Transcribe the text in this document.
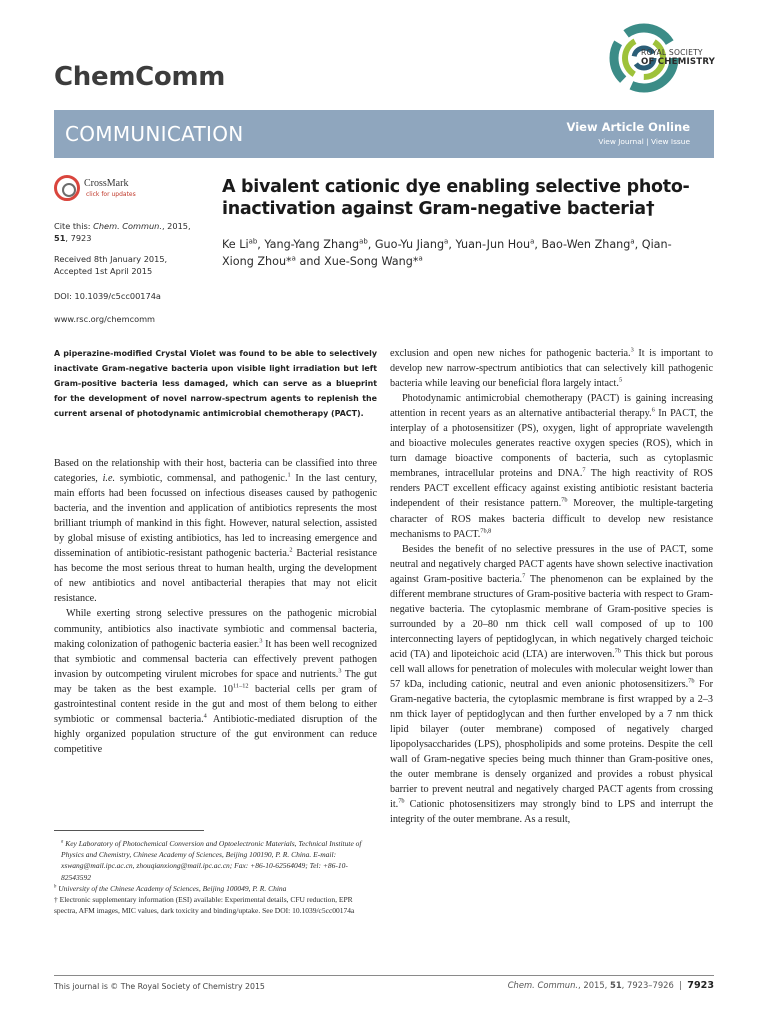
ChemComm
ROYAL SOCIETY
OF CHEMISTRY
COMMUNICATION	View Article Online
View Journal | View Issue
CrossMark
click for updates
Cite this: Chem. Commun., 2015,
51, 7923
Received 8th January 2015,
Accepted 1st April 2015
DOI: 10.1039/c5cc00174a
www.rsc.org/chemcomm
A bivalent cationic dye enabling selective photo-inactivation against Gram-negative bacteria†
Ke $Li^{ab}$, Yang-Yang Zhang$^{ab}$, Guo-Yu Jiang$^a$, Yuan-Jun Hou$^a$, Bao-Wen Zhang$^a$, Qian-Xiong Zhou*$^a$ and Xue-Song Wang*$^a$
A piperazine-modified Crystal Violet was found to be able to selectively inactivate Gram-negative bacteria upon visible light irradiation but left Gram-positive bacteria less damaged, which can serve as a blueprint for the development of novel narrow-spectrum agents to replenish the current arsenal of photodynamic antimicrobial chemotherapy (PACT).

Based on the relationship with their host, bacteria can be classified into three categories, i.e. symbiotic, commensal, and pathogenic.$^1$ In the last century, main efforts had been focussed on infectious diseases caused by pathogenic bacteria, and the invention and application of antibiotics represents the most brilliant triumph of mankind in this fight. However, natural selection, assisted by global misuse of existing antibiotics, has led to increasing emergence and dissemination of antibiotic-resistant pathogenic bacteria.$^2$ Bacterial resistance has become the most serious threat to human health, urging the development of new antibiotics and novel antibacterial therapies that may not elicit resistance.

While exerting strong selective pressures on the pathogenic microbial community, antibiotics also inactivate symbiotic and commensal bacteria, making colonization of pathogenic bacteria easier.$^3$ It has been well recognized that symbiotic and commensal bacteria can effectively prevent pathogen invasion by outcompeting virulent microbes for space and nutrients.$^3$ The gut may be taken as the best example. 10$^{11-12}$ bacterial cells per gram of gastrointestinal content reside in the gut and most of them belong to either symbiotic or commensal bacteria.$^4$ Antibiotic-mediated disruption of the highly organized population structure of the gut environment can reduce competitive

exclusion and open new niches for pathogenic bacteria.$^3$ It is important to develop new narrow-spectrum antibiotics that can selectively kill pathogenic bacteria while leaving our beneficial flora largely intact.$^5$

Photodynamic antimicrobial chemotherapy (PACT) is gaining increasing attention in recent years as an alternative antibacterial therapy.$^6$ In PACT, the interplay of a photosensitizer (PS), oxygen, light of appropriate wavelength and bioactive molecules generates reactive oxygen species (ROS), which in turn damage bioactive components of bacteria, such as cytoplasmic membranes, intracellular proteins and DNA.$^7$ The high reactivity of ROS renders PACT excellent efficacy against existing antibiotic resistant bacteria independent of their resistance pattern.$^{7b}$ Moreover, the multiple-targeting character of ROS makes bacteria difficult to develop new resistance mechanisms to PACT.$^{7b,8}$

Besides the benefit of no selective pressures in the use of PACT, some neutral and negatively charged PACT agents have shown selective inactivation against Gram-positive bacteria.$^7$ The phenomenon can be explained by the different membrane structures of Gram-positive bacteria with respect to Gram-negative bacteria. The cytoplasmic membrane of Gram-positive species is surrounded by a 20–80 nm thick cell wall composed of up to 100 interconnecting layers of peptidoglycan, in which negatively charged teichoic acid (TA) and lipoteichoic acid (LTA) are interwoven.$^{7b}$ This thick but porous cell wall allows for penetration of molecules with molecular weight lower than 57 kDa, including cationic, neutral and even anionic photosensitizers.$^{7b}$ For Gram-negative bacteria, the cytoplasmic membrane is first wrapped by a 2–3 nm thick layer of peptidoglycan and then further enveloped by a 7 nm thick lipid bilayer (outer membrane) composed of negatively charged lipopolysaccharides (LPS), phospholipids and some proteins. Despite the cell wall of Gram-negative species being much thinner than Gram-positive ones, the outer membrane is densely organized and provides a robust physical barrier to prevent neutral and negatively charged PACT agents from crossing it.$^{7b}$ Cationic photosensitizers may strongly bind to LPS and interrupt the integrity of the outer membrane. As a result,

$^a$ Key Laboratory of Photochemical Conversion and Optoelectronic Materials, Technical Institute of Physics and Chemistry, Chinese Academy of Sciences, Beijing 100190, P. R. China. E-mail: xswang@mail.ipc.ac.cn, zhouqianxiong@mail.ipc.ac.cn; Fax: +86-10-62564049; Tel: +86-10-82543592

$^b$ University of the Chinese Academy of Sciences, Beijing 100049, P. R. China

† Electronic supplementary information (ESI) available: Experimental details, CFU reduction, EPR spectra, AFM images, MIC values, dark toxicity and binding/uptake. See DOI: 10.1039/c5cc00174a

This journal is © The Royal Society of Chemistry 2015	Chem. Commun., 2015, 51, 7923–7926 | 7923
